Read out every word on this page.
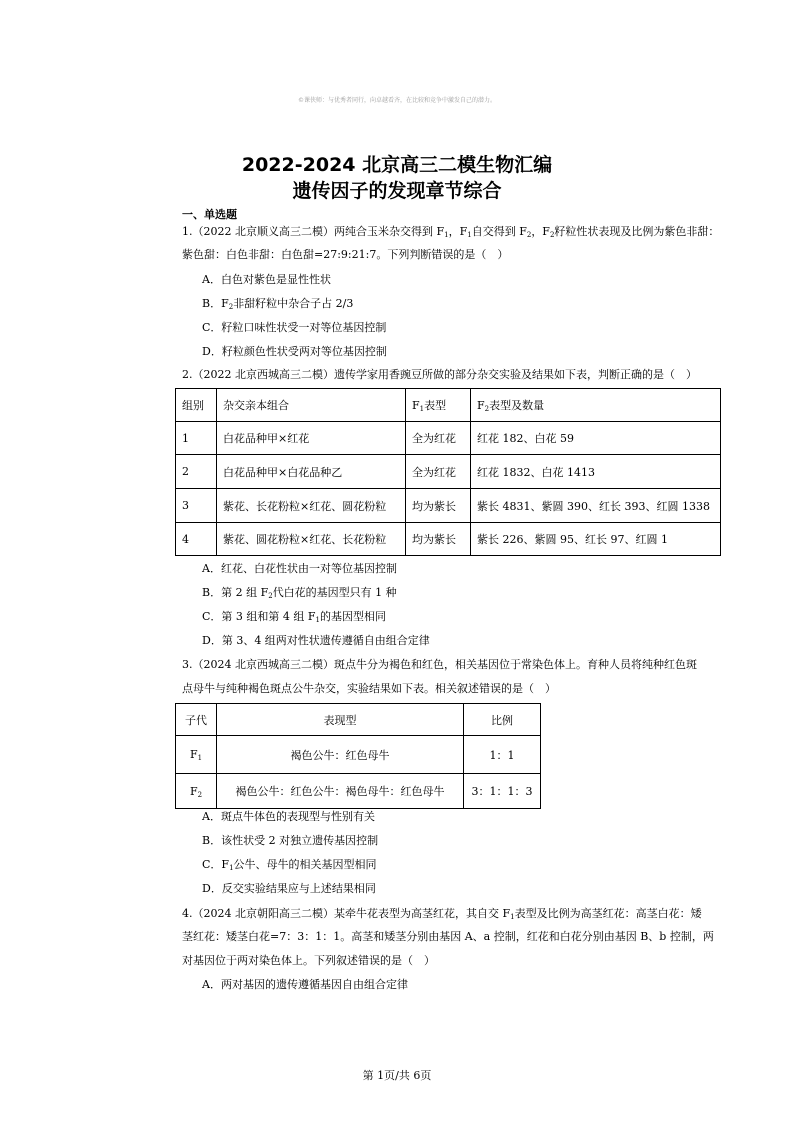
©课侠师：与优秀者同行，向卓越看齐，在比较和竞争中激发自己的潜力。
2022-2024 北京高三二模生物汇编
遗传因子的发现章节综合
一、单选题
1.（2022 北京顺义高三二模）两纯合玉米杂交得到 $F_1$，$F_1$自交得到 $F_2$，$F_2$籽粒性状表现及比例为紫色非甜：
紫色甜：白色非甜：白色甜=27:9:21:7。下列判断错误的是（　）
A．白色对紫色是显性性状
B．$F_2$非甜籽粒中杂合子占 2/3
C．籽粒口味性状受一对等位基因控制
D．籽粒颜色性状受两对等位基因控制
2.（2022 北京西城高三二模）遗传学家用香豌豆所做的部分杂交实验及结果如下表，判断正确的是（　）
组别	杂交亲本组合	$F_1$表型	$F_2$表型及数量
1	白花品种甲×红花	全为红花	红花 182、白花 59
2	白花品种甲×白花品种乙	全为红花	红花 1832、白花 1413
3	紫花、长花粉粒×红花、圆花粉粒	均为紫长	紫长 4831、紫圆 390、红长 393、红圆 1338
4	紫花、圆花粉粒×红花、长花粉粒	均为紫长	紫长 226、紫圆 95、红长 97、红圆 1
A．红花、白花性状由一对等位基因控制
B．第 2 组 $F_2$代白花的基因型只有 1 种
C．第 3 组和第 4 组 $F_1$的基因型相同
D．第 3、4 组两对性状遗传遵循自由组合定律
3.（2024 北京西城高三二模）斑点牛分为褐色和红色，相关基因位于常染色体上。育种人员将纯种红色斑
点母牛与纯种褐色斑点公牛杂交，实验结果如下表。相关叙述错误的是（　）
子代	表现型	比例
$F_1$	褐色公牛：红色母牛	1：1
$F_2$	褐色公牛：红色公牛：褐色母牛：红色母牛	3：1：1：3
A．斑点牛体色的表现型与性别有关
B．该性状受 2 对独立遗传基因控制
C．$F_1$公牛、母牛的相关基因型相同
D．反交实验结果应与上述结果相同
4.（2024 北京朝阳高三二模）某牵牛花表型为高茎红花，其自交 $F_1$表型及比例为高茎红花：高茎白花：矮
茎红花：矮茎白花=7：3：1：1。高茎和矮茎分别由基因 A、a 控制，红花和白花分别由基因 B、b 控制，两
对基因位于两对染色体上。下列叙述错误的是（　）
A．两对基因的遗传遵循基因自由组合定律
第 1页/共 6页
